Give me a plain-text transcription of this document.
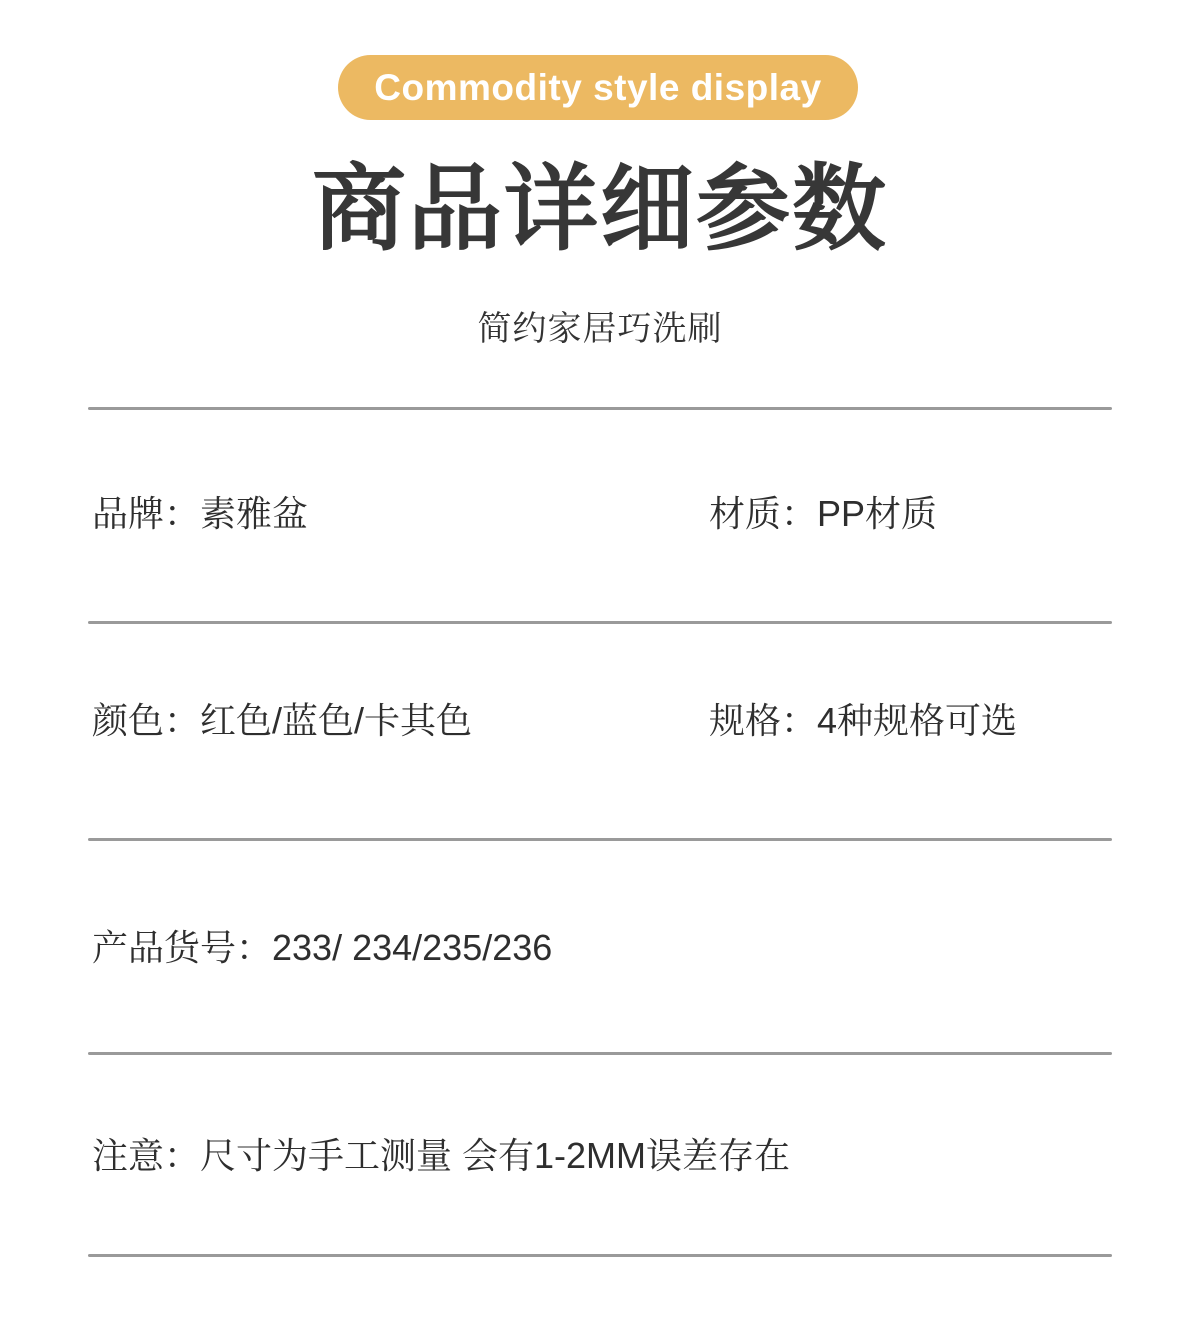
Commodity style display
商品详细参数
简约家居巧洗刷
品牌：素雅盆	材质：PP材质
颜色：红色/蓝色/卡其色	规格：4种规格可选
产品货号：233/ 234/235/236
注意：尺寸为手工测量 会有1-2MM误差存在
